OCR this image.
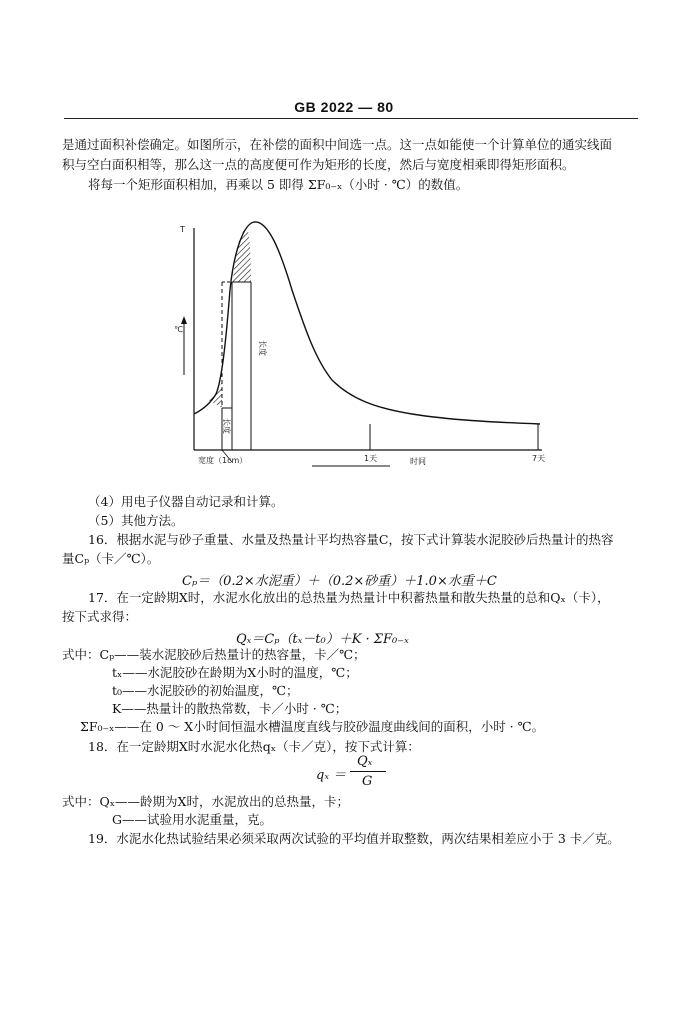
GB 2022 — 80
是通过面积补偿确定。如图所示，在补偿的面积中间选一点。这一点如能使一个计算单位的通实线面
积与空白面积相等，那么这一点的高度便可作为矩形的长度，然后与宽度相乘即得矩形面积。
将每一个矩形面积相加，再乘以 5 即得 ΣF₀₋ₓ（小时 · ℃）的数值。
T
℃
长度
长度
宽度（1cm）	1天	时间	7天
（4）用电子仪器自动记录和计算。
（5）其他方法。
16．根据水泥与砂子重量、水量及热量计平均热容量C，按下式计算装水泥胶砂后热量计的热容
量Cₚ（卡／℃）。
Cₚ＝（0.2×水泥重）＋（0.2×砂重）＋1.0×水重＋C
17．在一定龄期X时，水泥水化放出的总热量为热量计中积蓄热量和散失热量的总和Qₓ（卡），
按下式求得：
Qₓ＝Cₚ（tₓ－t₀）＋K · ΣF₀₋ₓ
式中：Cₚ——装水泥胶砂后热量计的热容量，卡／℃；
tₓ——水泥胶砂在龄期为X小时的温度，℃；
t₀——水泥胶砂的初始温度，℃；
K——热量计的散热常数，卡／小时 · ℃；
ΣF₀₋ₓ——在 0 ～ X小时间恒温水槽温度直线与胶砂温度曲线间的面积，小时 · ℃。
18．在一定龄期X时水泥水化热qₓ（卡／克），按下式计算：
qₓ ＝
Qₓ
G
式中：Qₓ——龄期为X时，水泥放出的总热量，卡；
G——试验用水泥重量，克。
19．水泥水化热试验结果必须采取两次试验的平均值并取整数，两次结果相差应小于 3 卡／克。
